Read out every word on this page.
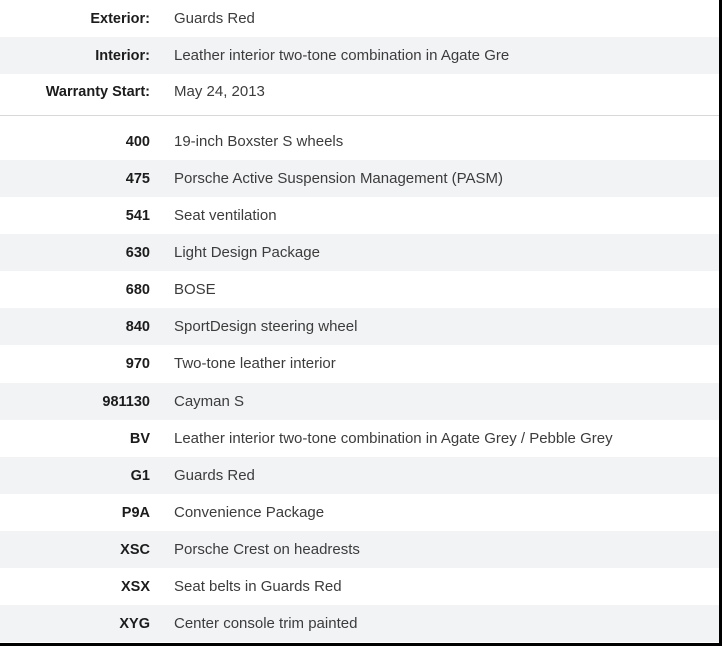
Exterior: Guards Red
Interior: Leather interior two-tone combination in Agate Gre
Warranty Start: May 24, 2013
400 19-inch Boxster S wheels
475 Porsche Active Suspension Management (PASM)
541 Seat ventilation
630 Light Design Package
680 BOSE
840 SportDesign steering wheel
970 Two-tone leather interior
981130 Cayman S
BV Leather interior two-tone combination in Agate Grey / Pebble Grey
G1 Guards Red
P9A Convenience Package
XSC Porsche Crest on headrests
XSX Seat belts in Guards Red
XYG Center console trim painted
